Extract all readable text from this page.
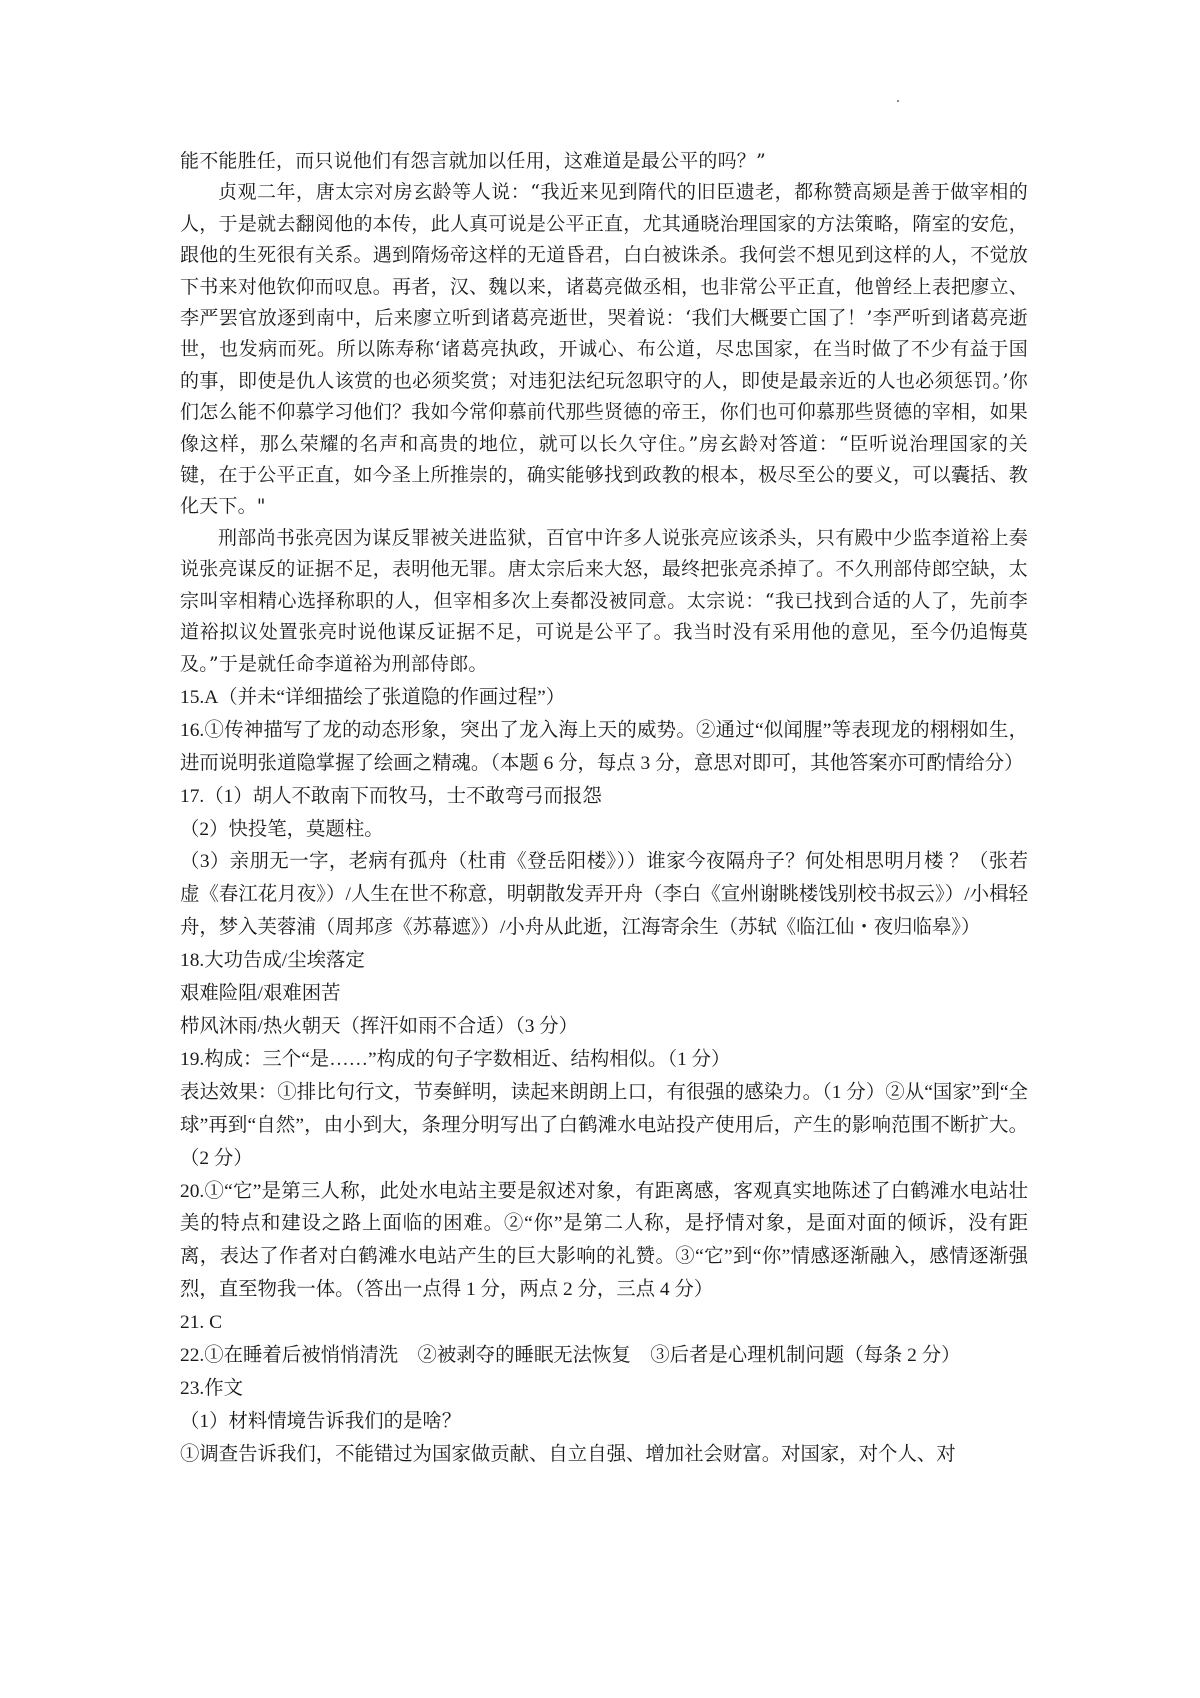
能不能胜任，而只说他们有怨言就加以任用，这难道是最公平的吗？”

贞观二年，唐太宗对房玄龄等人说：“我近来见到隋代的旧臣遗老，都称赞高颎是善于做宰相的人，于是就去翻阅他的本传，此人真可说是公平正直，尤其通晓治理国家的方法策略，隋室的安危，跟他的生死很有关系。遇到隋炀帝这样的无道昏君，白白被诛杀。我何尝不想见到这样的人，不觉放下书来对他钦仰而叹息。再者，汉、魏以来，诸葛亮做丞相，也非常公平正直，他曾经上表把廖立、李严罢官放逐到南中，后来廖立听到诸葛亮逝世，哭着说：‘我们大概要亡国了！’李严听到诸葛亮逝世，也发病而死。所以陈寿称‘诸葛亮执政，开诚心、布公道，尽忠国家，在当时做了不少有益于国的事，即使是仇人该赏的也必须奖赏；对违犯法纪玩忽职守的人，即使是最亲近的人也必须惩罚。’你们怎么能不仰慕学习他们？我如今常仰慕前代那些贤德的帝王，你们也可仰慕那些贤德的宰相，如果像这样，那么荣耀的名声和高贵的地位，就可以长久守住。”房玄龄对答道：“臣听说治理国家的关键，在于公平正直，如今圣上所推崇的，确实能够找到政教的根本，极尽至公的要义，可以囊括、教化天下。"

刑部尚书张亮因为谋反罪被关进监狱，百官中许多人说张亮应该杀头，只有殿中少监李道裕上奏说张亮谋反的证据不足，表明他无罪。唐太宗后来大怒，最终把张亮杀掉了。不久刑部侍郎空缺，太宗叫宰相精心选择称职的人，但宰相多次上奏都没被同意。太宗说：“我已找到合适的人了，先前李道裕拟议处置张亮时说他谋反证据不足，可说是公平了。我当时没有采用他的意见，至今仍追悔莫及。”于是就任命李道裕为刑部侍郎。

15.A（并未“详细描绘了张道隐的作画过程”）

16.①传神描写了龙的动态形象，突出了龙入海上天的威势。②通过“似闻腥”等表现龙的栩栩如生，进而说明张道隐掌握了绘画之精魂。（本题 6 分，每点 3 分，意思对即可，其他答案亦可酌情给分）

17.（1）胡人不敢南下而牧马，士不敢弯弓而报怨

（2）快投笔，莫题柱。

（3）亲朋无一字，老病有孤舟（杜甫《登岳阳楼》））谁家今夜隔舟子？何处相思明月楼 ？（张若虚《春江花月夜》）/人生在世不称意，明朝散发弄开舟（李白《宣州谢眺楼饯别校书叔云》）/小楫轻舟，梦入芙蓉浦（周邦彦《苏幕遮》）/小舟从此逝，江海寄余生（苏轼《临江仙・夜归临皋》）

18.大功告成/尘埃落定

艰难险阻/艰难困苦

栉风沐雨/热火朝天（挥汗如雨不合适）（3 分）

19.构成：三个“是……”构成的句子字数相近、结构相似。（1 分）

表达效果：①排比句行文，节奏鲜明，读起来朗朗上口，有很强的感染力。（1 分）②从“国家”到“全球”再到“自然”，由小到大，条理分明写出了白鹤滩水电站投产使用后，产生的影响范围不断扩大。（2 分）

20.①“它”是第三人称，此处水电站主要是叙述对象，有距离感，客观真实地陈述了白鹤滩水电站壮美的特点和建设之路上面临的困难。②“你”是第二人称，是抒情对象，是面对面的倾诉，没有距离，表达了作者对白鹤滩水电站产生的巨大影响的礼赞。③“它”到“你”情感逐渐融入，感情逐渐强烈，直至物我一体。（答出一点得 1 分，两点 2 分，三点 4 分）

21. C

22.①在睡着后被悄悄清洗　②被剥夺的睡眠无法恢复　③后者是心理机制问题（每条 2 分）

23.作文

（1）材料情境告诉我们的是啥？

①调查告诉我们，不能错过为国家做贡献、自立自强、增加社会财富。对国家，对个人、对
